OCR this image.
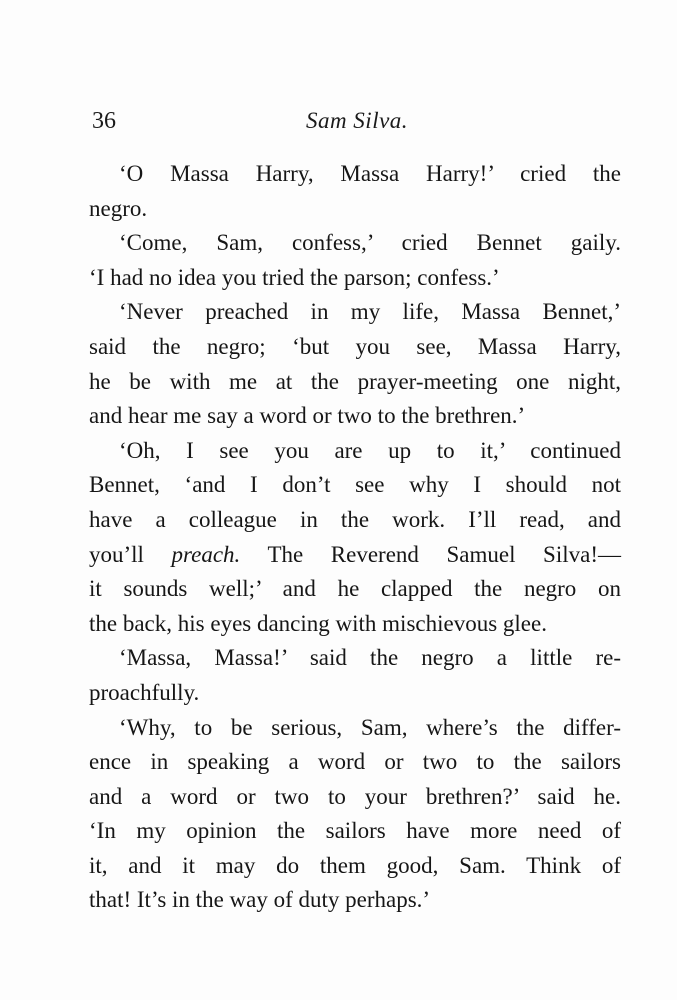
36	Sam Silva.
‘O Massa Harry, Massa Harry!’ cried the
negro.
‘Come, Sam, confess,’ cried Bennet gaily.
‘I had no idea you tried the parson; confess.’
‘Never preached in my life, Massa Bennet,’
said the negro; ‘but you see, Massa Harry,
he be with me at the prayer-meeting one night,
and hear me say a word or two to the brethren.’
‘Oh, I see you are up to it,’ continued
Bennet, ‘and I don’t see why I should not
have a colleague in the work. I’ll read, and
you’ll preach. The Reverend Samuel Silva!—
it sounds well;’ and he clapped the negro on
the back, his eyes dancing with mischievous glee.
‘Massa, Massa!’ said the negro a little re-
proachfully.
‘Why, to be serious, Sam, where’s the differ-
ence in speaking a word or two to the sailors
and a word or two to your brethren?’ said he.
‘In my opinion the sailors have more need of
it, and it may do them good, Sam. Think of
that! It’s in the way of duty perhaps.’
